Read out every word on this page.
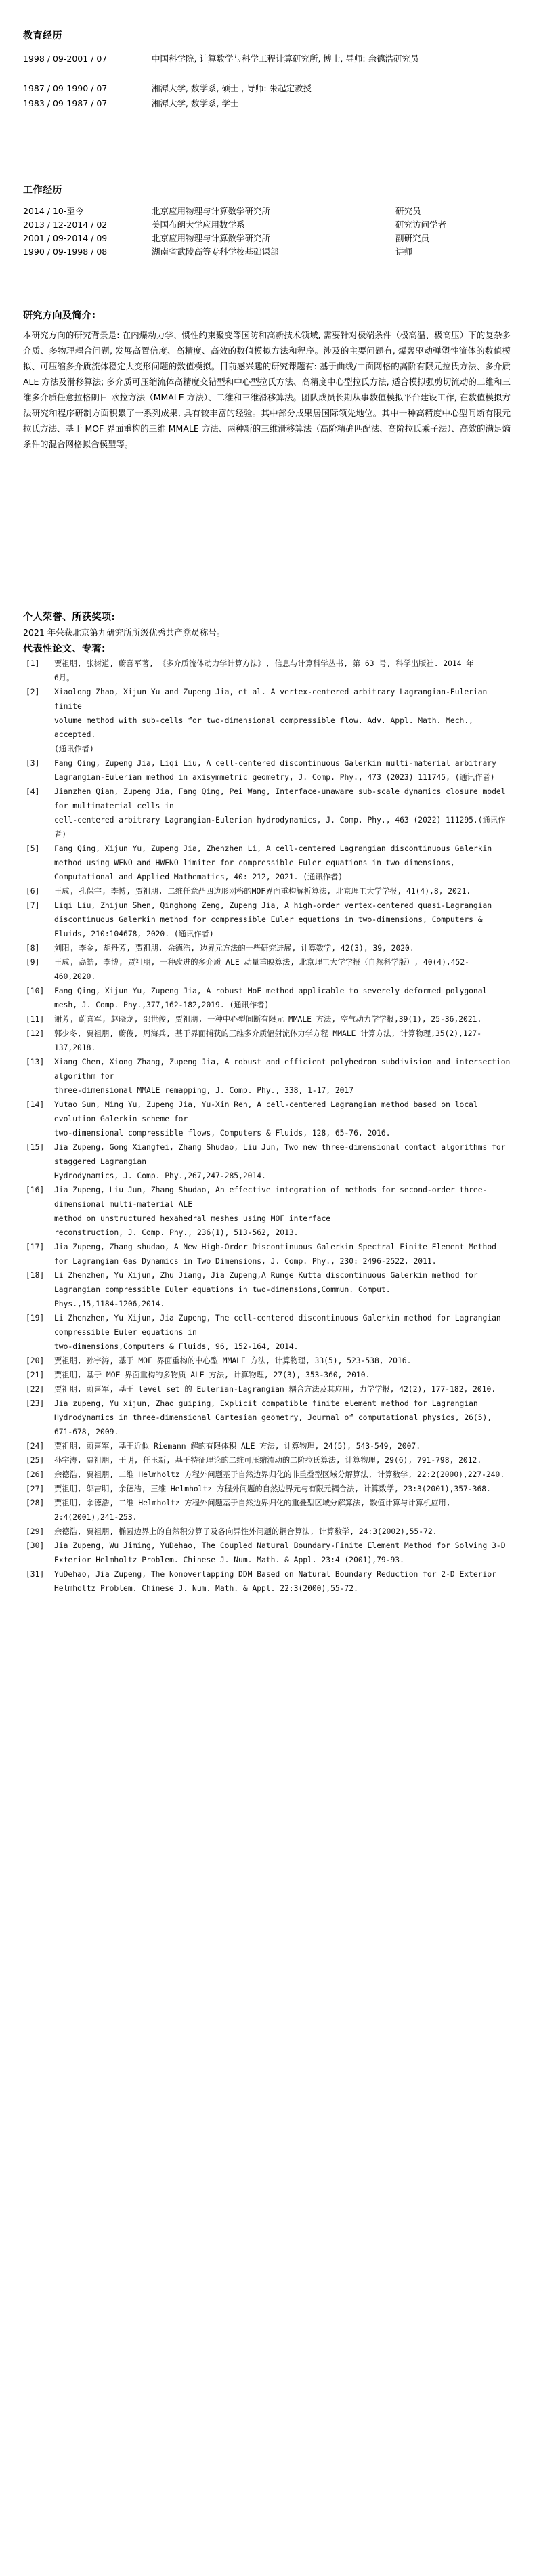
教育经历
1998 / 09-2001 / 07	中国科学院, 计算数学与科学工程计算研究所, 博士, 导师: 余德浩研究员
1987 / 09-1990 / 07	湘潭大学, 数学系, 硕士 , 导师: 朱起定教授
1983 / 09-1987 / 07	湘潭大学, 数学系, 学士
工作经历
2014 / 10-至今	北京应用物理与计算数学研究所	研究员
2013 / 12-2014 / 02	美国布朗大学应用数学系	研究访问学者
2001 / 09-2014 / 09	北京应用物理与计算数学研究所	副研究员
1990 / 09-1998 / 08	湖南省武陵高等专科学校基础课部	讲师
研究方向及简介:
本研究方向的研究背景是: 在内爆动力学、惯性约束聚变等国防和高新技术领域, 需要针对极端条件（极高温、极高压）下的复杂多介质、多物理耦合问题, 发展高置信度、高精度、高效的数值模拟方法和程序。涉及的主要问题有, 爆轰驱动弹塑性流体的数值模拟、可压缩多介质流体稳定大变形问题的数值模拟。目前感兴趣的研究课题有: 基于曲线/曲面网格的高阶有限元拉氏方法、多介质 ALE 方法及滑移算法; 多介质可压缩流体高精度交错型和中心型拉氏方法、高精度中心型拉氏方法, 适合模拟强剪切流动的二维和三维多介质任意拉格朗日-欧拉方法（MMALE 方法）、二维和三维滑移算法。团队成员长期从事数值模拟平台建设工作, 在数值模拟方法研究和程序研制方面积累了一系列成果, 具有较丰富的经验。其中部分成果居国际领先地位。其中一种高精度中心型间断有限元拉氏方法、基于 MOF 界面重构的三维 MMALE 方法、两种新的三维滑移算法（高阶精确匹配法、高阶拉氏乘子法）、高效的满足熵条件的混合网格拟合模型等。
个人荣誉、所获奖项:
2021 年荣获北京第九研究所所级优秀共产党员称号。
代表性论文、专著:
[1]	贾祖朋, 张树道, 蔚喜军著, 《多介质流体动力学计算方法》, 信息与计算科学丛书, 第 63 号, 科学出版社. 2014 年
6月。
[2]	Xiaolong Zhao, Xijun Yu and Zupeng Jia, et al. A vertex-centered arbitrary Lagrangian-Eulerian finite
volume method with sub-cells for two-dimensional compressible flow. Adv. Appl. Math. Mech., accepted.
(通讯作者)
[3]	Fang Qing, Zupeng Jia, Liqi Liu, A cell-centered discontinuous Galerkin multi-material arbitrary Lagrangian-Eulerian method in axisymmetric geometry, J. Comp. Phy., 473 (2023) 111745, (通讯作者)
[4]	Jianzhen Qian, Zupeng Jia, Fang Qing, Pei Wang, Interface-unaware sub-scale dynamics closure model for multimaterial cells in
cell-centered arbitrary Lagrangian-Eulerian hydrodynamics, J. Comp. Phy., 463 (2022) 111295.(通讯作者)
[5]	Fang Qing, Xijun Yu, Zupeng Jia, Zhenzhen Li, A cell-centered Lagrangian discontinuous Galerkin method using WENO and HWENO limiter for compressible Euler equations in two dimensions, Computational and Applied Mathematics, 40: 212, 2021. (通讯作者)
[6]	王成, 孔保宇, 李博, 贾祖朋, 二维任意凸四边形网格的MOF界面重构解析算法, 北京理工大学学报, 41(4),8, 2021.
[7]	Liqi Liu, Zhijun Shen, Qinghong Zeng, Zupeng Jia, A high-order vertex-centered quasi-Lagrangian discontinuous Galerkin method for compressible Euler equations in two-dimensions, Computers & Fluids, 210:104678, 2020. (通讯作者)
[8]	刘阳, 李金, 胡丹芳, 贾祖朋, 余德浩, 边界元方法的一些研究进展, 计算数学, 42(3), 39, 2020.
[9]	王成, 高皓, 李博, 贾祖朋, 一种改进的多介质 ALE 动量重映算法, 北京理工大学学报（自然科学版）, 40(4),452-460,2020.
[10]	Fang Qing, Xijun Yu, Zupeng Jia, A robust MoF method applicable to severely deformed polygonal mesh, J. Comp. Phy.,377,162-182,2019. (通讯作者)
[11]	谢芳, 蔚喜军, 赵晓龙, 邵世俊, 贾祖朋, 一种中心型间断有限元 MMALE 方法, 空气动力学学报,39(1), 25-36,2021.
[12]	郭少冬, 贾祖朋, 蔚俊, 周海兵, 基于界面捕获的三维多介质辐射流体力学方程 MMALE 计算方法, 计算物理,35(2),127-137,2018.
[13]	Xiang Chen, Xiong Zhang, Zupeng Jia, A robust and efficient polyhedron subdivision and intersection algorithm for
three-dimensional MMALE remapping, J. Comp. Phy., 338, 1-17, 2017
[14]	Yutao Sun, Ming Yu, Zupeng Jia, Yu-Xin Ren, A cell-centered Lagrangian method based on local evolution Galerkin scheme for
two-dimensional compressible flows, Computers & Fluids, 128, 65-76, 2016.
[15]	Jia Zupeng, Gong Xiangfei, Zhang Shudao, Liu Jun, Two new three-dimensional contact algorithms for staggered Lagrangian
Hydrodynamics, J. Comp. Phy.,267,247-285,2014.
[16]	Jia Zupeng, Liu Jun, Zhang Shudao, An effective integration of methods for second-order three-dimensional multi-material ALE
method on unstructured hexahedral meshes using MOF interface
reconstruction, J. Comp. Phy., 236(1), 513-562, 2013.
[17]	Jia Zupeng, Zhang shudao, A New High-Order Discontinuous Galerkin Spectral Finite Element Method for Lagrangian Gas Dynamics in Two Dimensions, J. Comp. Phy., 230: 2496-2522, 2011.
[18]	Li Zhenzhen, Yu Xijun, Zhu Jiang, Jia Zupeng,A Runge Kutta discontinuous Galerkin method for Lagrangian compressible Euler equations in two-dimensions,Commun. Comput.
Phys.,15,1184-1206,2014.
[19]	Li Zhenzhen, Yu Xijun, Jia Zupeng, The cell-centered discontinuous Galerkin method for Lagrangian compressible Euler equations in
two-dimensions,Computers & Fluids, 96, 152-164, 2014.
[20]	贾祖朋, 孙宇涛, 基于 MOF 界面重构的中心型 MMALE 方法, 计算物理, 33(5), 523-538, 2016.
[21]	贾祖朋, 基于 MOF 界面重构的多物质 ALE 方法, 计算物理, 27(3), 353-360, 2010.
[22]	贾祖朋, 蔚喜军, 基于 level set 的 Eulerian-Lagrangian 耦合方法及其应用, 力学学报, 42(2), 177-182, 2010.
[23]	Jia zupeng, Yu xijun, Zhao guiping, Explicit compatible finite element method for Lagrangian Hydrodynamics in three-dimensional Cartesian geometry, Journal of computational physics, 26(5), 671-678, 2009.
[24]	贾祖朋, 蔚喜军, 基于近似 Riemann 解的有限体积 ALE 方法, 计算物理, 24(5), 543-549, 2007.
[25]	孙宇涛, 贾祖朋, 于明, 任玉新, 基于特征理论的二维可压缩流动的二阶拉氏算法, 计算物理, 29(6), 791-798, 2012.
[26]	余德浩, 贾祖朋, 二维 Helmholtz 方程外问题基于自然边界归化的非重叠型区域分解算法, 计算数学, 22:2(2000),227-240.
[27]	贾祖朋, 邬吉明, 余德浩, 三维 Helmholtz 方程外问题的自然边界元与有限元耦合法, 计算数学, 23:3(2001),357-368.
[28]	贾祖朋, 余德浩, 二维 Helmholtz 方程外问题基于自然边界归化的重叠型区域分解算法, 数值计算与计算机应用, 2:4(2001),241-253.
[29]	余德浩, 贾祖朋, 椭圆边界上的自然积分算子及各向异性外问题的耦合算法, 计算数学, 24:3(2002),55-72.
[30]	Jia Zupeng, Wu Jiming, YuDehao, The Coupled Natural Boundary-Finite Element Method for Solving 3-D Exterior Helmholtz Problem. Chinese J. Num. Math. & Appl. 23:4 (2001),79-93.
[31]	YuDehao, Jia Zupeng, The Nonoverlapping DDM Based on Natural Boundary Reduction for 2-D Exterior Helmholtz Problem. Chinese J. Num. Math. & Appl. 22:3(2000),55-72.
